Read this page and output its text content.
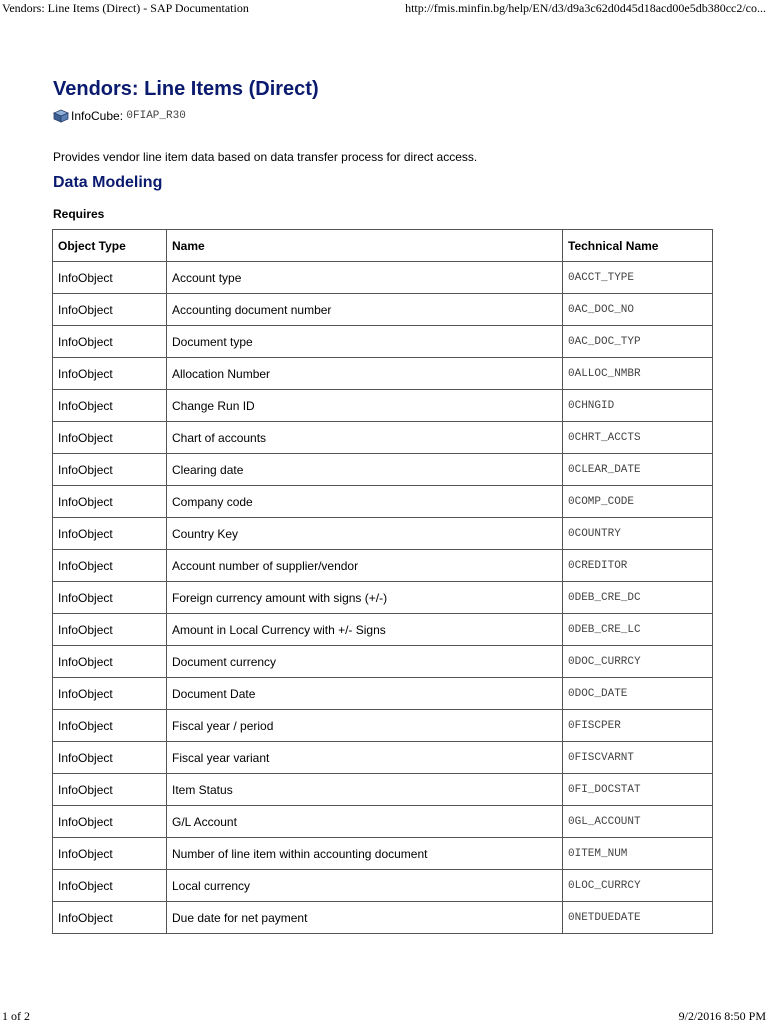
Vendors: Line Items (Direct) - SAP Documentation	http://fmis.minfin.bg/help/EN/d3/d9a3c62d0d45d18acd00e5db380cc2/co...
Vendors: Line Items (Direct)
InfoCube:
0FIAP_R30
Provides vendor line item data based on data transfer process for direct access.
Data Modeling
Requires
Object Type	Name	Technical Name
InfoObject	Account type	0ACCT_TYPE
InfoObject	Accounting document number	0AC_DOC_NO
InfoObject	Document type	0AC_DOC_TYP
InfoObject	Allocation Number	0ALLOC_NMBR
InfoObject	Change Run ID	0CHNGID
InfoObject	Chart of accounts	0CHRT_ACCTS
InfoObject	Clearing date	0CLEAR_DATE
InfoObject	Company code	0COMP_CODE
InfoObject	Country Key	0COUNTRY
InfoObject	Account number of supplier/vendor	0CREDITOR
InfoObject	Foreign currency amount with signs (+/-)	0DEB_CRE_DC
InfoObject	Amount in Local Currency with +/- Signs	0DEB_CRE_LC
InfoObject	Document currency	0DOC_CURRCY
InfoObject	Document Date	0DOC_DATE
InfoObject	Fiscal year / period	0FISCPER
InfoObject	Fiscal year variant	0FISCVARNT
InfoObject	Item Status	0FI_DOCSTAT
InfoObject	G/L Account	0GL_ACCOUNT
InfoObject	Number of line item within accounting document	0ITEM_NUM
InfoObject	Local currency	0LOC_CURRCY
InfoObject	Due date for net payment	0NETDUEDATE
1 of 2	9/2/2016 8:50 PM
